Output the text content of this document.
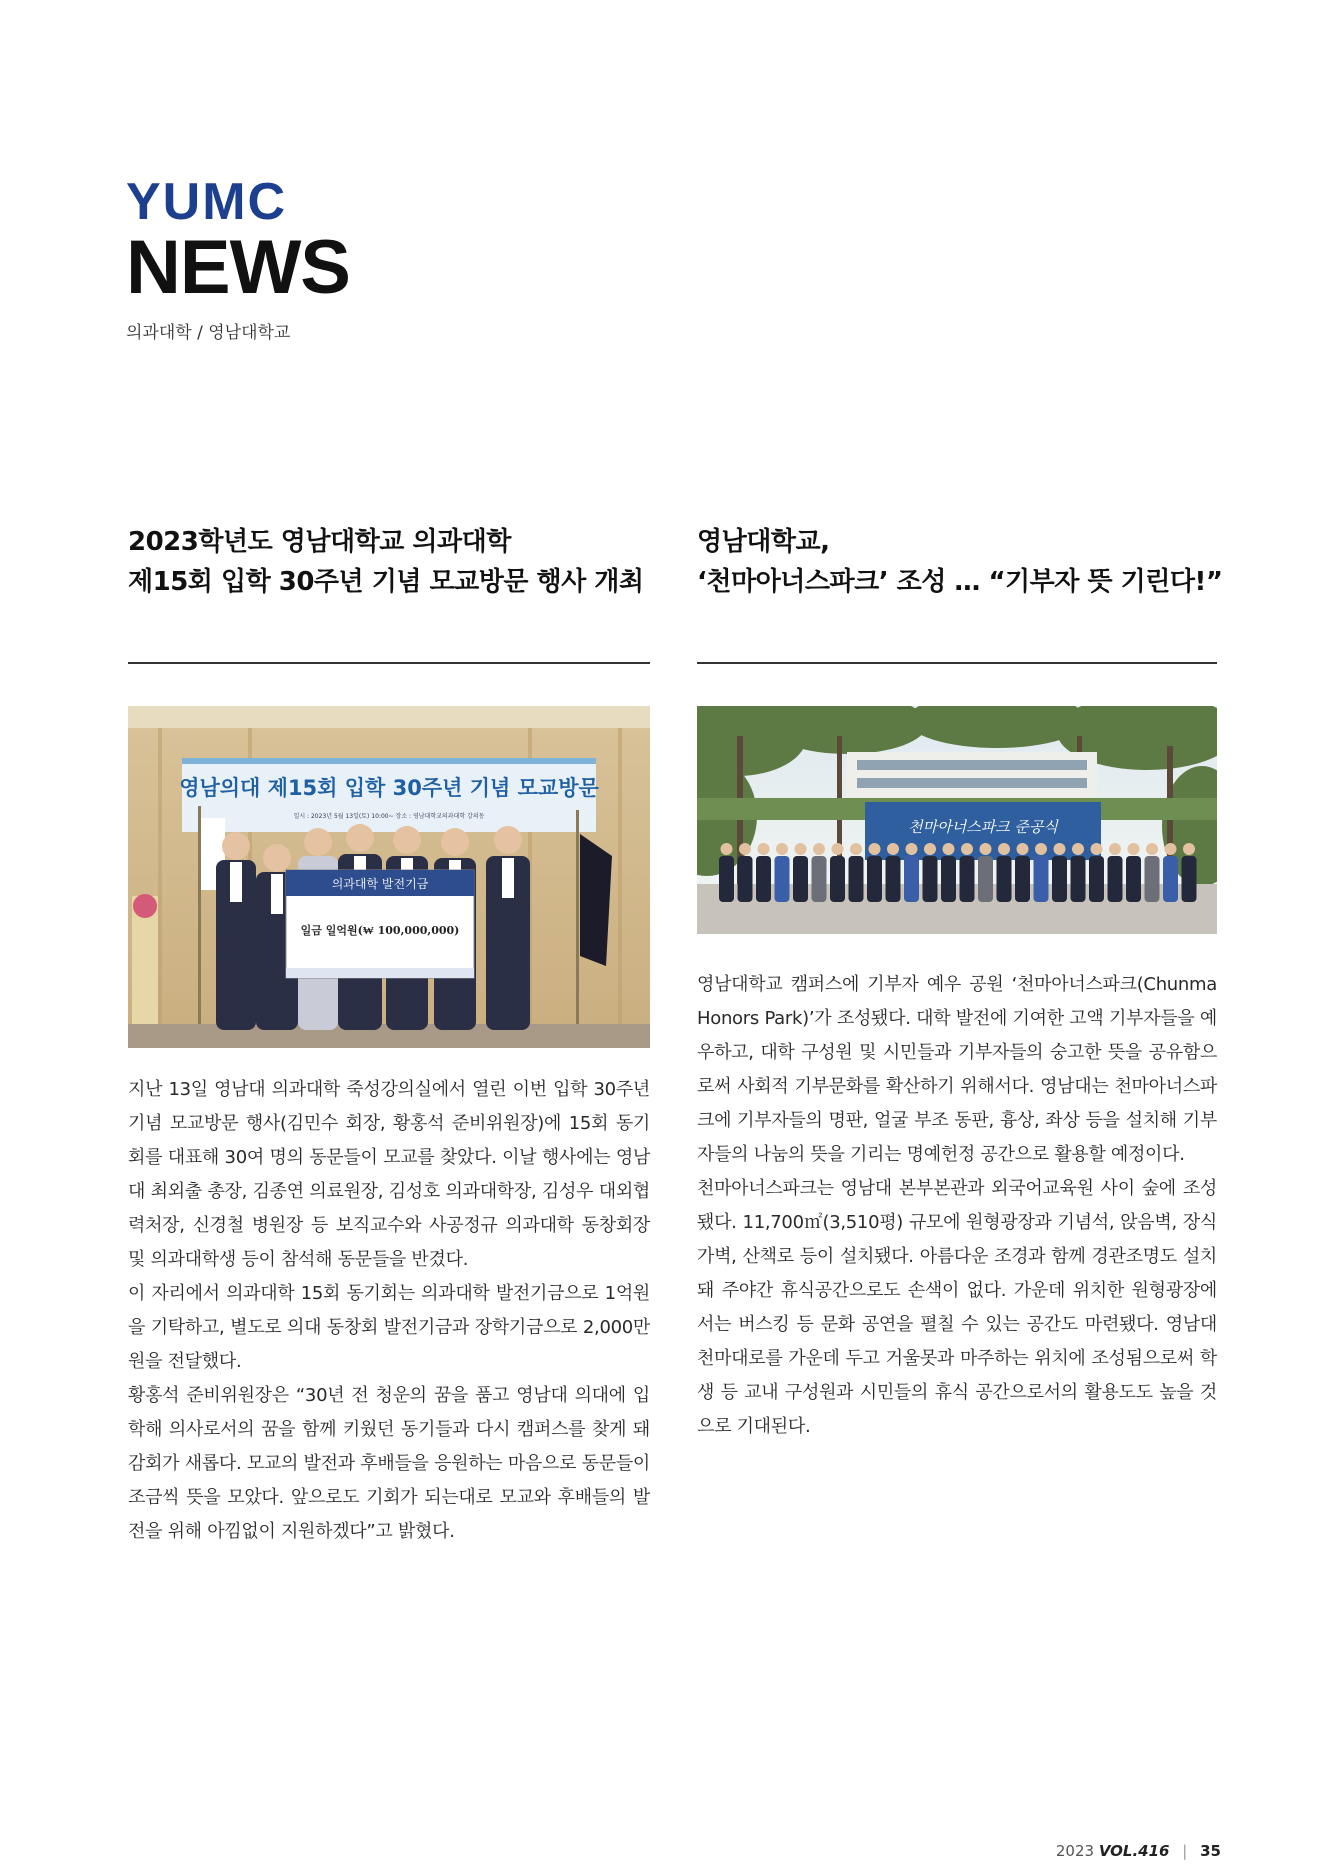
YUMC
NEWS
의과대학 / 영남대학교
2023학년도 영남대학교 의과대학
제15회 입학 30주년 기념 모교방문 행사 개최
영남대학교,
‘천마아너스파크’ 조성 … “기부자 뜻 기린다!”
영남의대 제15회 입학 30주년 기념 모교방문
일시 : 2023년 5월 13일(토) 10:00~ 장소 : 영남대학교의과대학 강의동
의과대학 발전기금
일금 일억원(₩ 100,000,000)
천마아너스파크 준공식

지난 13일 영남대 의과대학 죽성강의실에서 열린 이번 입학 30주년 기념 모교방문 행사(김민수 회장, 황홍석 준비위원장)에 15회 동기회를 대표해 30여 명의 동문들이 모교를 찾았다. 이날 행사에는 영남대 최외출 총장, 김종연 의료원장, 김성호 의과대학장, 김성우 대외협력처장, 신경철 병원장 등 보직교수와 사공정규 의과대학 동창회장 및 의과대학생 등이 참석해 동문들을 반겼다.

이 자리에서 의과대학 15회 동기회는 의과대학 발전기금으로 1억원을 기탁하고, 별도로 의대 동창회 발전기금과 장학기금으로 2,000만 원을 전달했다.

황홍석 준비위원장은 “30년 전 청운의 꿈을 품고 영남대 의대에 입학해 의사로서의 꿈을 함께 키웠던 동기들과 다시 캠퍼스를 찾게 돼 감회가 새롭다. 모교의 발전과 후배들을 응원하는 마음으로 동문들이 조금씩 뜻을 모았다. 앞으로도 기회가 되는대로 모교와 후배들의 발전을 위해 아낌없이 지원하겠다”고 밝혔다.

영남대학교 캠퍼스에 기부자 예우 공원 ‘천마아너스파크(Chunma Honors Park)’가 조성됐다. 대학 발전에 기여한 고액 기부자들을 예우하고, 대학 구성원 및 시민들과 기부자들의 숭고한 뜻을 공유함으로써 사회적 기부문화를 확산하기 위해서다. 영남대는 천마아너스파크에 기부자들의 명판, 얼굴 부조 동판, 흉상, 좌상 등을 설치해 기부자들의 나눔의 뜻을 기리는 명예헌정 공간으로 활용할 예정이다.

천마아너스파크는 영남대 본부본관과 외국어교육원 사이 숲에 조성됐다. 11,700㎡(3,510평) 규모에 원형광장과 기념석, 앉음벽, 장식가벽, 산책로 등이 설치됐다. 아름다운 조경과 함께 경관조명도 설치돼 주야간 휴식공간으로도 손색이 없다. 가운데 위치한 원형광장에서는 버스킹 등 문화 공연을 펼칠 수 있는 공간도 마련됐다. 영남대 천마대로를 가운데 두고 거울못과 마주하는 위치에 조성됨으로써 학생 등 교내 구성원과 시민들의 휴식 공간으로서의 활용도도 높을 것으로 기대된다.

2023 VOL.416 | 35
